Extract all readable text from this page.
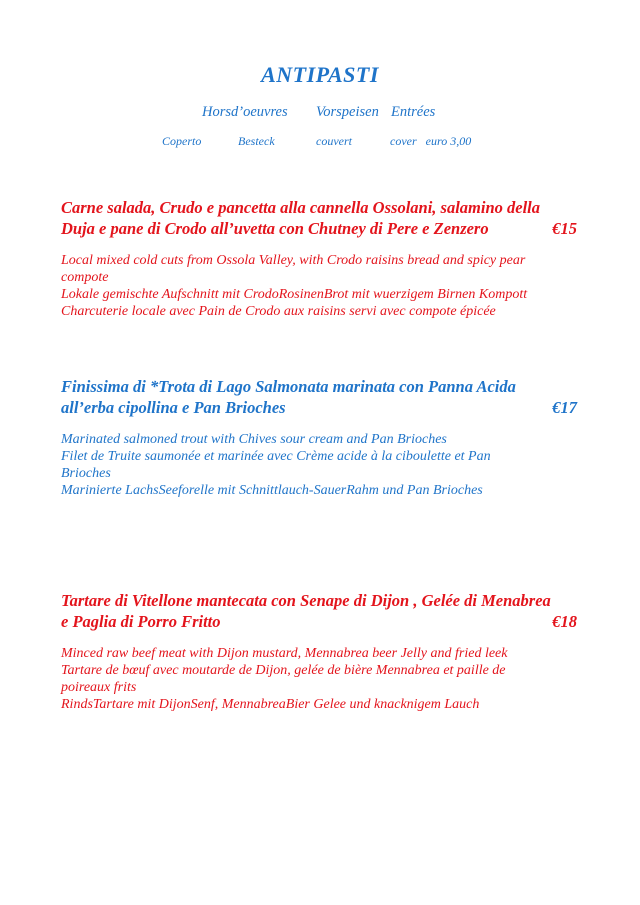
ANTIPASTI
Horsd’oeuvres Vorspeisen Entrées
Coperto	Besteck	couvert	cover   euro 3,00
Carne salada, Crudo e pancetta alla cannella Ossolani, salamino della
Duja e pane di Crodo all’uvetta con Chutney di Pere e Zenzero	€15
Local mixed cold cuts from Ossola Valley, with Crodo raisins bread and spicy pear
compote
Lokale gemischte Aufschnitt mit CrodoRosinenBrot mit wuerzigem Birnen Kompott
Charcuterie locale avec Pain de Crodo aux raisins servi avec compote épicée
Finissima di *Trota di Lago Salmonata marinata con Panna Acida
all’erba cipollina e Pan Brioches	€17
Marinated salmoned trout with Chives sour cream and Pan Brioches
Filet de Truite saumonée et marinée avec Crème acide à la ciboulette et Pan
Brioches
Marinierte LachsSeeforelle mit Schnittlauch-SauerRahm und Pan Brioches
Tartare di Vitellone mantecata con Senape di Dijon , Gelée di Menabrea
e Paglia di Porro Fritto	€18
Minced raw beef meat with Dijon mustard, Mennabrea beer Jelly and fried leek
Tartare de bœuf avec moutarde de Dijon, gelée de bière Mennabrea et paille de
poireaux frits
RindsTartare mit DijonSenf, MennabreaBier Gelee und knacknigem Lauch
